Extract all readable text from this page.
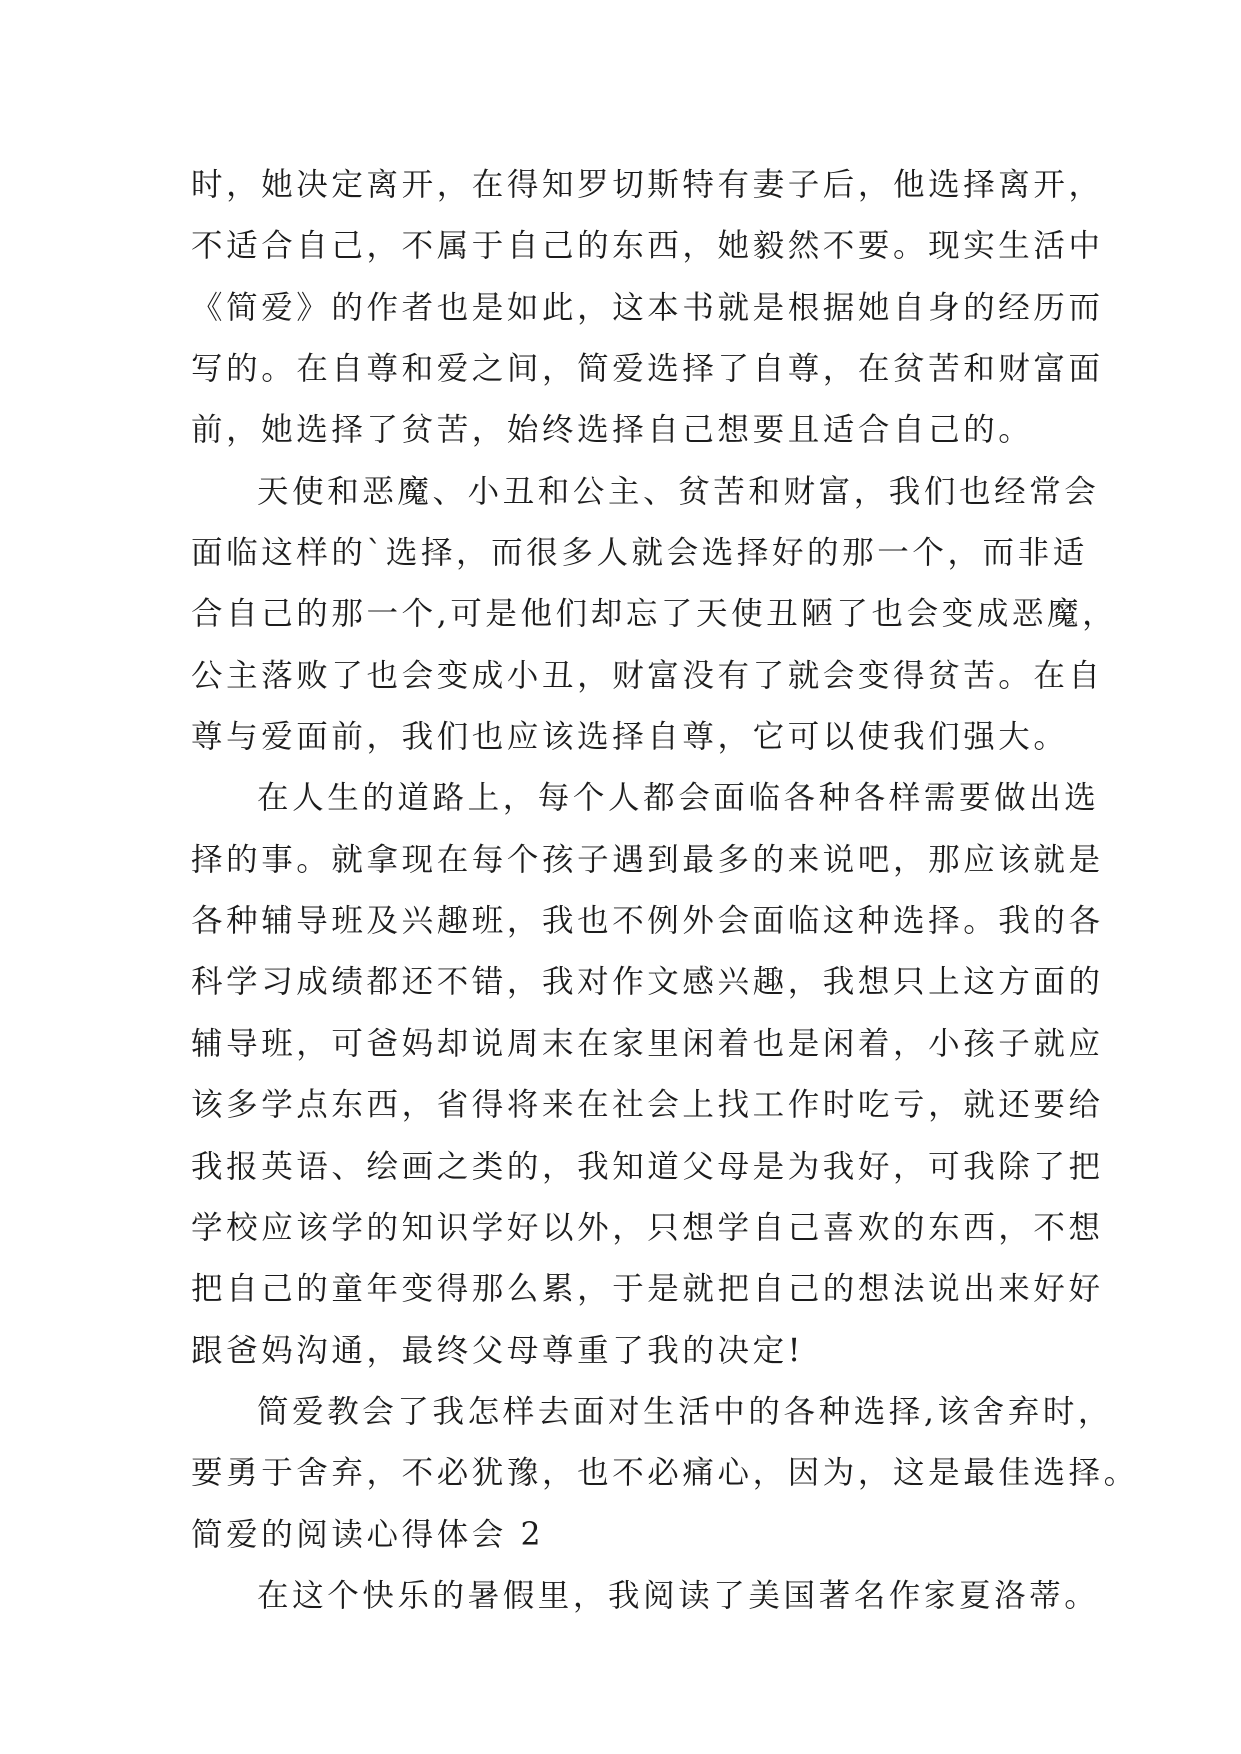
时，她决定离开，在得知罗切斯特有妻子后，他选择离开，
不适合自己，不属于自己的东西，她毅然不要。现实生活中
《简爱》的作者也是如此，这本书就是根据她自身的经历而
写的。在自尊和爱之间，简爱选择了自尊，在贫苦和财富面
前，她选择了贫苦，始终选择自己想要且适合自己的。
天使和恶魔、小丑和公主、贫苦和财富，我们也经常会
面临这样的`选择，而很多人就会选择好的那一个，而非适
合自己的那一个,可是他们却忘了天使丑陋了也会变成恶魔，
公主落败了也会变成小丑，财富没有了就会变得贫苦。在自
尊与爱面前，我们也应该选择自尊，它可以使我们强大。
在人生的道路上，每个人都会面临各种各样需要做出选
择的事。就拿现在每个孩子遇到最多的来说吧，那应该就是
各种辅导班及兴趣班，我也不例外会面临这种选择。我的各
科学习成绩都还不错，我对作文感兴趣，我想只上这方面的
辅导班，可爸妈却说周末在家里闲着也是闲着，小孩子就应
该多学点东西，省得将来在社会上找工作时吃亏，就还要给
我报英语、绘画之类的，我知道父母是为我好，可我除了把
学校应该学的知识学好以外，只想学自己喜欢的东西，不想
把自己的童年变得那么累，于是就把自己的想法说出来好好
跟爸妈沟通，最终父母尊重了我的决定!
简爱教会了我怎样去面对生活中的各种选择,该舍弃时，
要勇于舍弃，不必犹豫，也不必痛心，因为，这是最佳选择。
简爱的阅读心得体会 2
在这个快乐的暑假里，我阅读了美国著名作家夏洛蒂。
